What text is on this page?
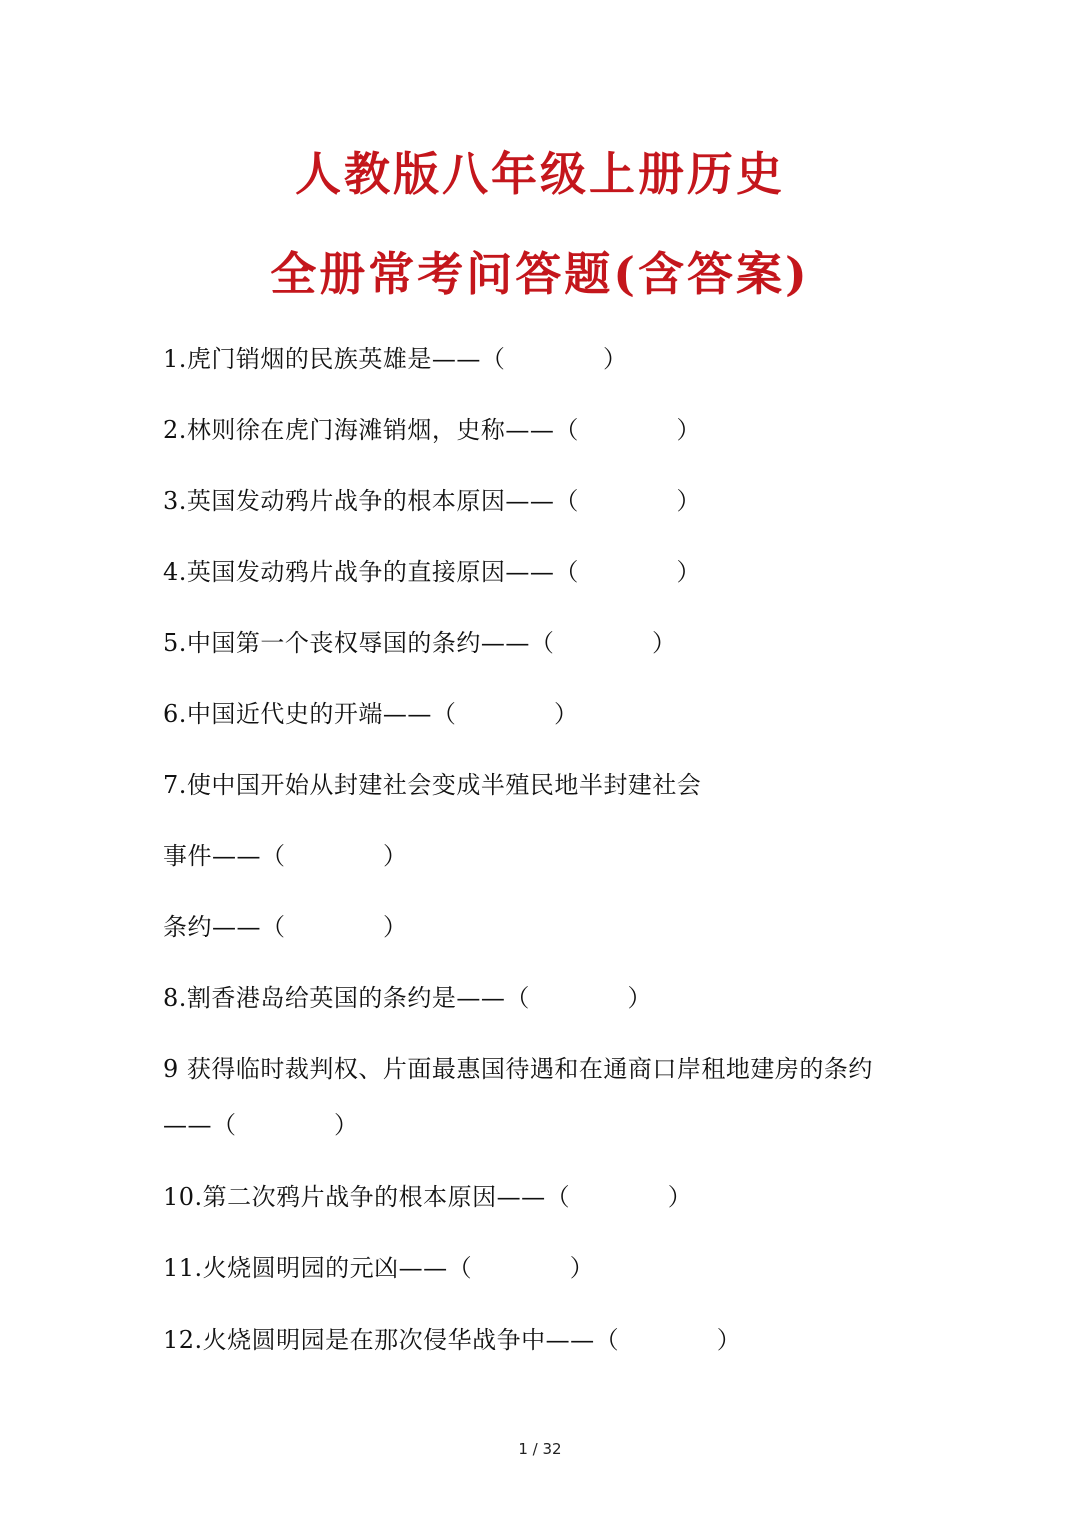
人教版八年级上册历史
全册常考问答题(含答案)
1.虎门销烟的民族英雄是——（            ）
2.林则徐在虎门海滩销烟，史称——（            ）
3.英国发动鸦片战争的根本原因——（            ）
4.英国发动鸦片战争的直接原因——（            ）
5.中国第一个丧权辱国的条约——（            ）
6.中国近代史的开端——（            ）
7.使中国开始从封建社会变成半殖民地半封建社会
事件——（            ）
条约——（            ）
8.割香港岛给英国的条约是——（            ）
9 获得临时裁判权、片面最惠国待遇和在通商口岸租地建房的条约
——（            ）
10.第二次鸦片战争的根本原因——（            ）
11.火烧圆明园的元凶——（            ）
12.火烧圆明园是在那次侵华战争中——（            ）
1 / 32
